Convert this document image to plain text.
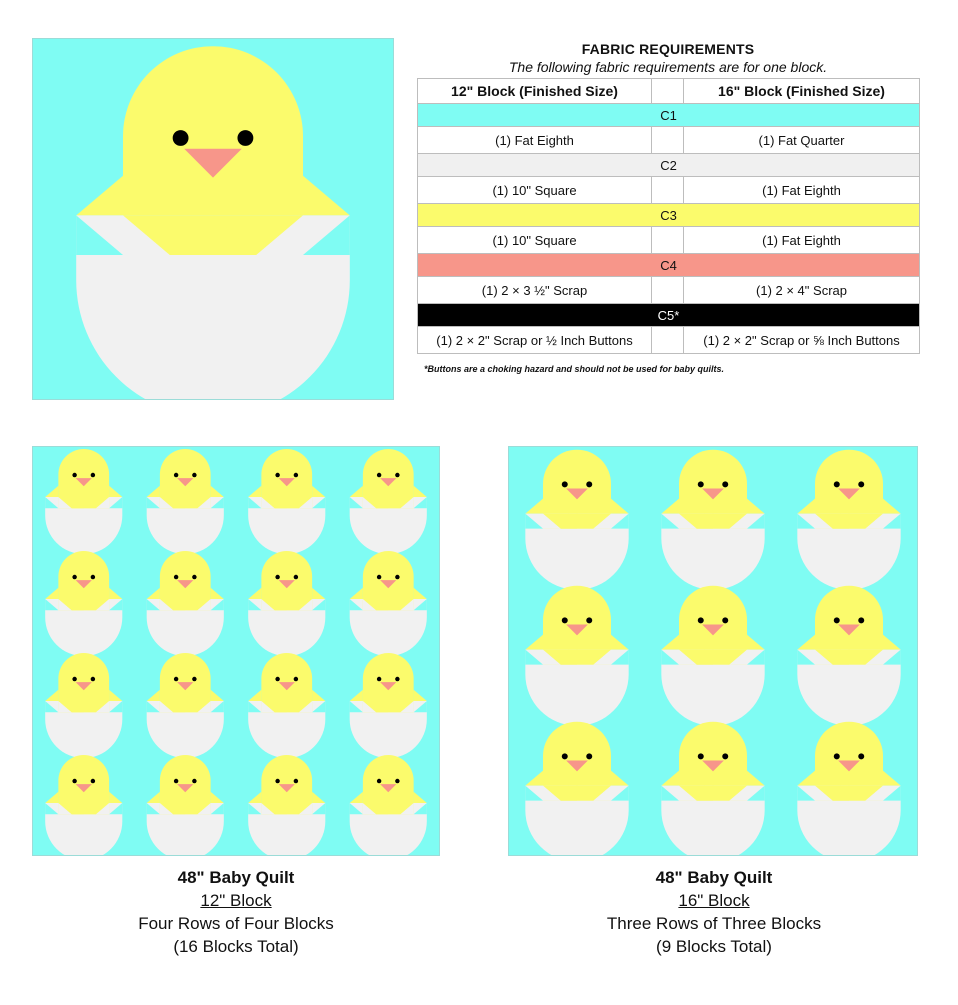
FABRIC REQUIREMENTS
The following fabric requirements are for one block.
12" Block (Finished Size)		16" Block (Finished Size)
C1		
(1) Fat Eighth		(1) Fat Quarter
C2		
(1) 10" Square		(1) Fat Eighth
C3		
(1) 10" Square		(1) Fat Eighth
C4		
(1) 2 × 3 ½" Scrap		(1) 2 × 4" Scrap
C5*		
(1) 2 × 2" Scrap or ½ Inch Buttons		(1) 2 × 2" Scrap or ⅝ Inch Buttons
*Buttons are a choking hazard and should not be used for baby quilts.
48" Baby Quilt
12" Block
Four Rows of Four Blocks
(16 Blocks Total)
48" Baby Quilt
16" Block
Three Rows of Three Blocks
(9 Blocks Total)
